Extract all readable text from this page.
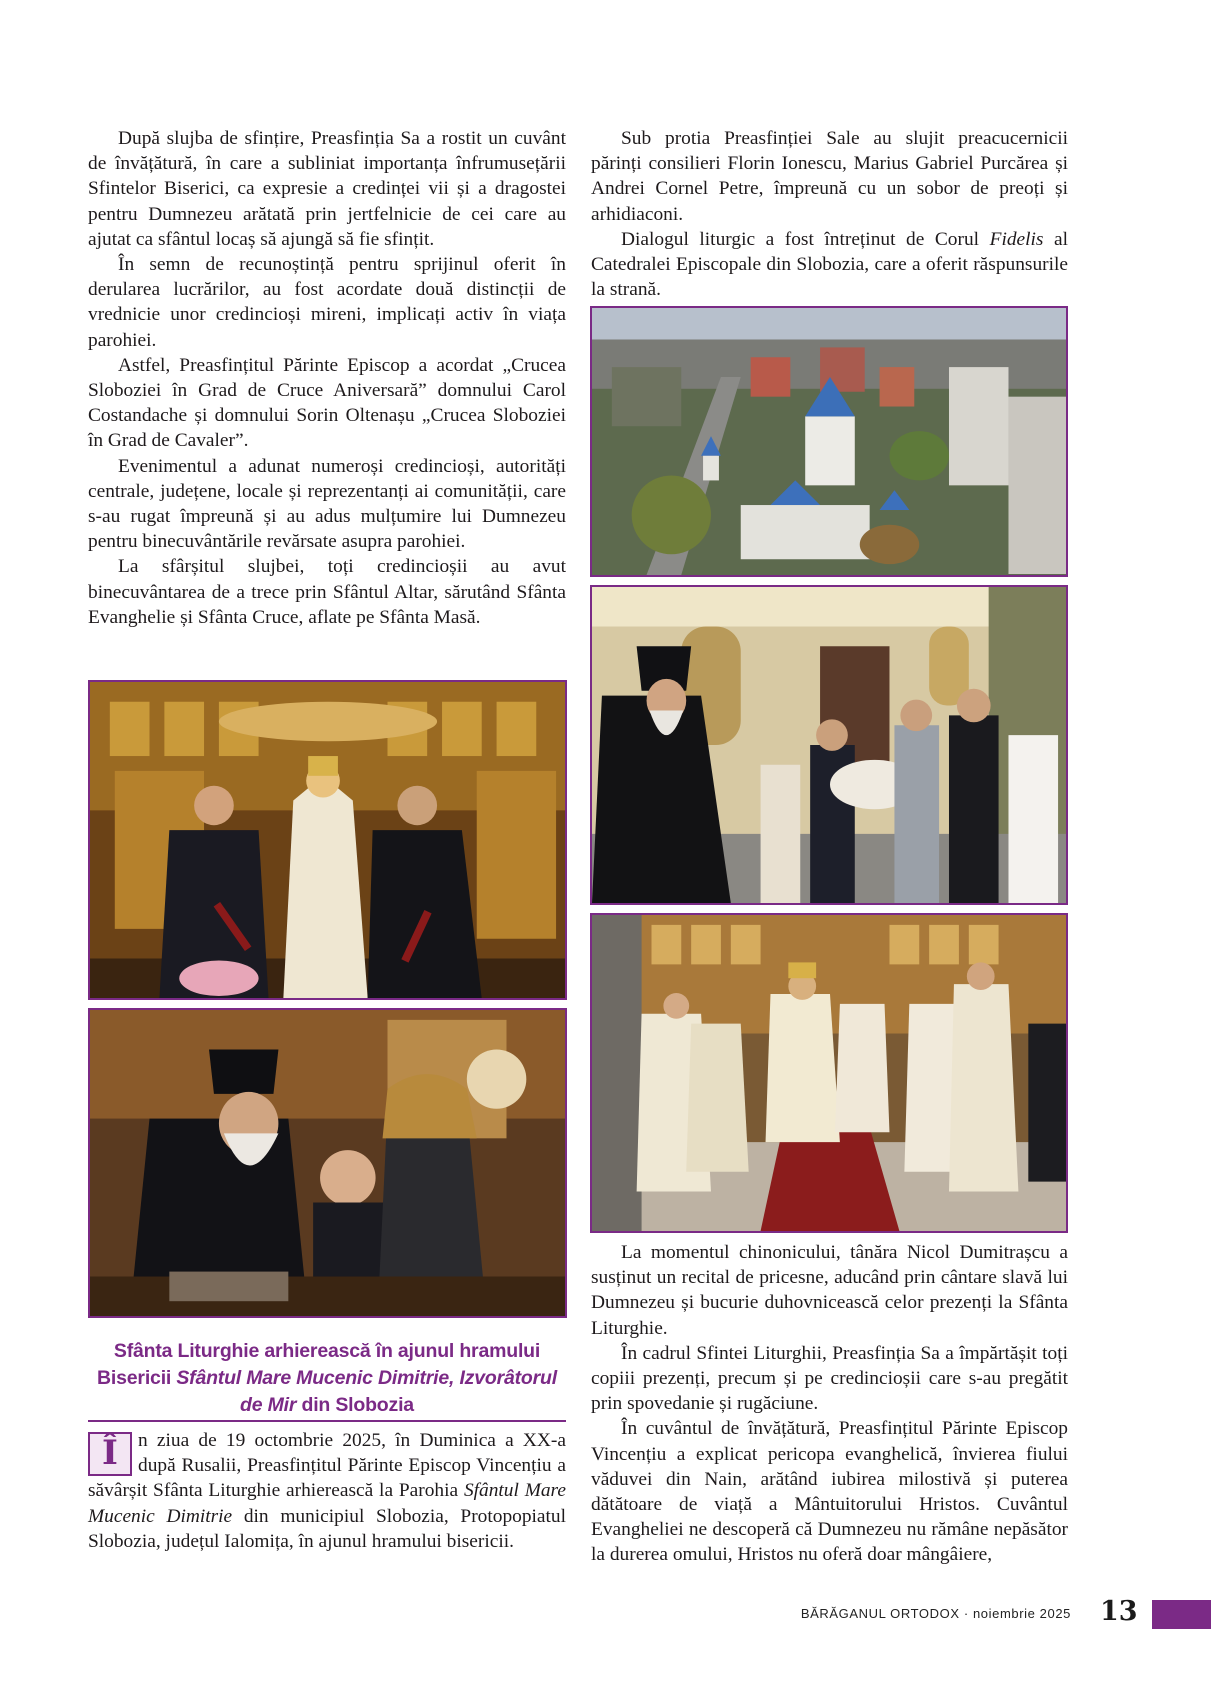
După slujba de sfințire, Preasfinția Sa a rostit un cuvânt de învățătură, în care a subliniat importanța înfrumusețării Sfintelor Biserici, ca expresie a credinței vii și a dragostei pentru Dumnezeu arătată prin jertfelnicie de cei care au ajutat ca sfântul locaș să ajungă să fie sfințit.

În semn de recunoștință pentru sprijinul oferit în derularea lucrărilor, au fost acordate două distincții de vrednicie unor credincioși mireni, implicați activ în viața parohiei.

Astfel, Preasfințitul Părinte Episcop a acordat „Crucea Sloboziei în Grad de Cruce Aniversară” domnului Carol Costandache și domnului Sorin Oltenașu „Crucea Sloboziei în Grad de Cavaler”.

Evenimentul a adunat numeroși credincioși, autorități centrale, județene, locale și reprezentanți ai comunității, care s-au rugat împreună și au adus mulțumire lui Dumnezeu pentru binecuvântările revărsate asupra parohiei.

La sfârșitul slujbei, toți credincioșii au avut binecuvântarea de a trece prin Sfântul Altar, sărutând Sfânta Evanghelie și Sfânta Cruce, aflate pe Sfânta Masă.

Sfânta Liturghie arhierească în ajunul hramului Bisericii Sfântul Mare Mucenic Dimitrie, Izvorâtorul de Mir din Slobozia

Î	n ziua de 19 octombrie 2025, în Duminica a XX-a după Rusalii, Preasfințitul Părinte Episcop Vincențiu a săvârșit Sfânta Liturghie arhierească la Parohia Sfântul Mare Mucenic Dimitrie din municipiul Slobozia, Protopopiatul Slobozia, județul Ialomița, în ajunul hramului bisericii.

Sub protia Preasfinției Sale au slujit preacucernicii părinți consilieri Florin Ionescu, Marius Gabriel Purcărea și Andrei Cornel Petre, împreună cu un sobor de preoți și arhidiaconi.

Dialogul liturgic a fost întreținut de Corul Fidelis al Catedralei Episcopale din Slobozia, care a oferit răspunsurile la strană.

La momentul chinonicului, tânăra Nicol Dumitrașcu a susținut un recital de pricesne, aducând prin cântare slavă lui Dumnezeu și bucurie duhovnicească celor prezenți la Sfânta Liturghie.

În cadrul Sfintei Liturghii, Preasfinția Sa a împărtășit toți copiii prezenți, precum și pe credincioșii care s-au pregătit prin spovedanie și rugăciune.

În cuvântul de învățătură, Preasfințitul Părinte Episcop Vincențiu a explicat pericopa evanghelică, învierea fiului văduvei din Nain, arătând iubirea milostivă și puterea dătătoare de viață a Mântuitorului Hristos. Cuvântul Evangheliei ne descoperă că Dumnezeu nu rămâne nepăsător la durerea omului, Hristos nu oferă doar mângâiere,

BĂRĂGANUL ORTODOX · noiembrie 2025 13
